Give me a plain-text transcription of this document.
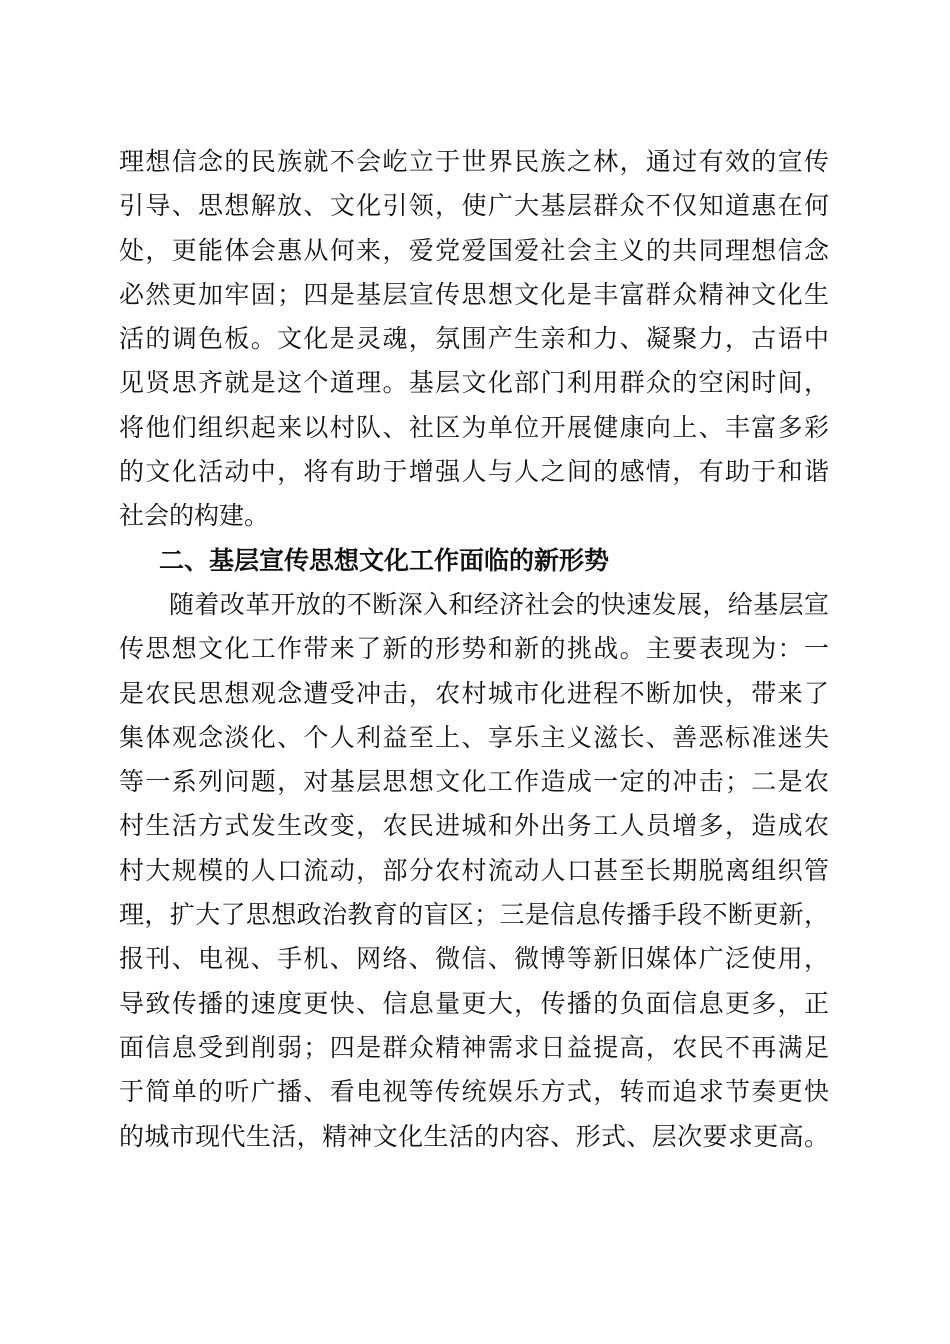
理想信念的民族就不会屹立于世界民族之林，通过有效的宣传
引导、思想解放、文化引领，使广大基层群众不仅知道惠在何
处，更能体会惠从何来，爱党爱国爱社会主义的共同理想信念
必然更加牢固；四是基层宣传思想文化是丰富群众精神文化生
活的调色板。文化是灵魂，氛围产生亲和力、凝聚力，古语中
见贤思齐就是这个道理。基层文化部门利用群众的空闲时间，
将他们组织起来以村队、社区为单位开展健康向上、丰富多彩
的文化活动中，将有助于增强人与人之间的感情，有助于和谐
社会的构建。
二、基层宣传思想文化工作面临的新形势
随着改革开放的不断深入和经济社会的快速发展，给基层宣
传思想文化工作带来了新的形势和新的挑战。主要表现为：一
是农民思想观念遭受冲击，农村城市化进程不断加快，带来了
集体观念淡化、个人利益至上、享乐主义滋长、善恶标准迷失
等一系列问题，对基层思想文化工作造成一定的冲击；二是农
村生活方式发生改变，农民进城和外出务工人员增多，造成农
村大规模的人口流动，部分农村流动人口甚至长期脱离组织管
理，扩大了思想政治教育的盲区；三是信息传播手段不断更新，
报刊、电视、手机、网络、微信、微博等新旧媒体广泛使用，
导致传播的速度更快、信息量更大，传播的负面信息更多，正
面信息受到削弱；四是群众精神需求日益提高，农民不再满足
于简单的听广播、看电视等传统娱乐方式，转而追求节奏更快
的城市现代生活，精神文化生活的内容、形式、层次要求更高。
